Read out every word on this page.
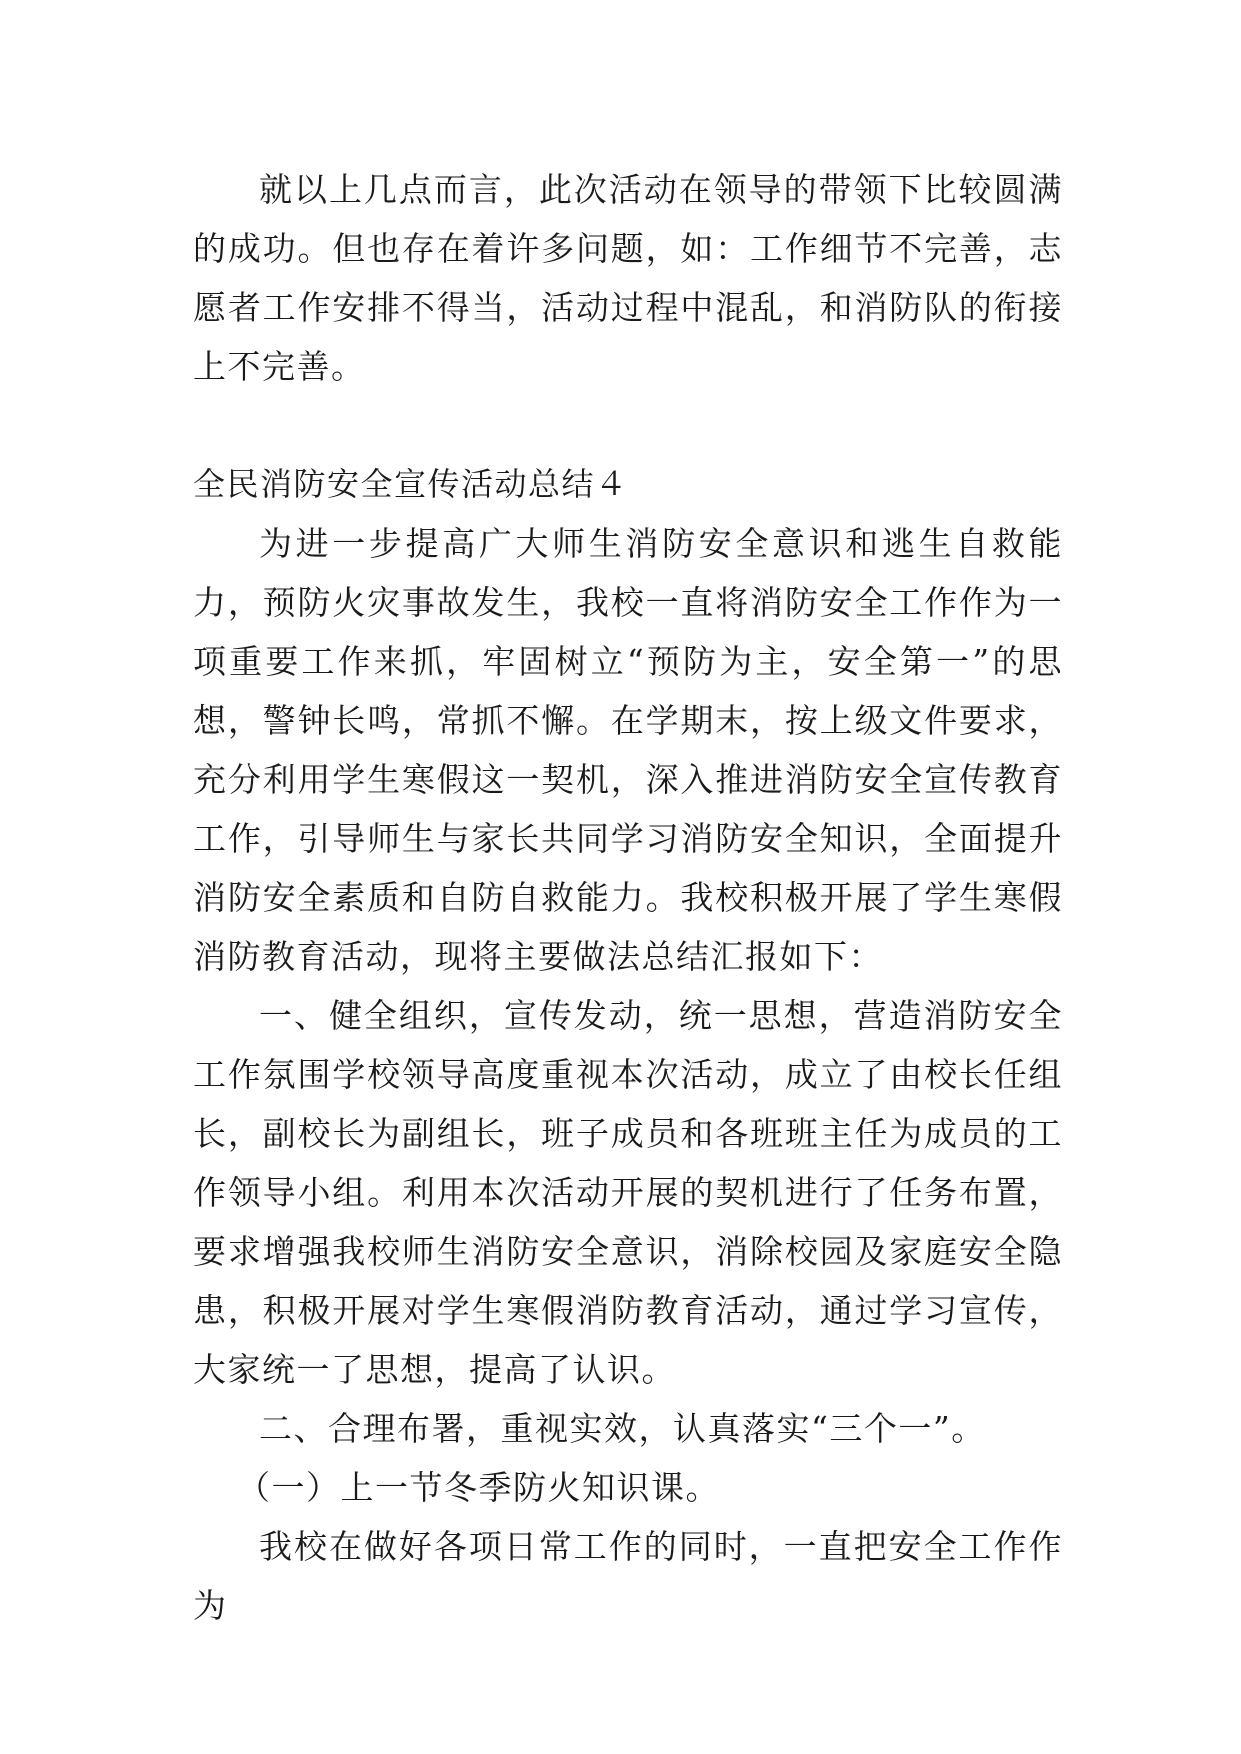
就以上几点而言，此次活动在领导的带领下比较圆满的成功。但也存在着许多问题，如：工作细节不完善，志愿者工作安排不得当，活动过程中混乱，和消防队的衔接上不完善。

全民消防安全宣传活动总结４

为进一步提高广大师生消防安全意识和逃生自救能力，预防火灾事故发生，我校一直将消防安全工作作为一项重要工作来抓，牢固树立“预防为主，安全第一”的思想，警钟长鸣，常抓不懈。在学期末，按上级文件要求，充分利用学生寒假这一契机，深入推进消防安全宣传教育工作，引导师生与家长共同学习消防安全知识，全面提升消防安全素质和自防自救能力。我校积极开展了学生寒假消防教育活动，现将主要做法总结汇报如下：

一、健全组织，宣传发动，统一思想，营造消防安全工作氛围学校领导高度重视本次活动，成立了由校长任组长，副校长为副组长，班子成员和各班班主任为成员的工作领导小组。利用本次活动开展的契机进行了任务布置，要求增强我校师生消防安全意识，消除校园及家庭安全隐患，积极开展对学生寒假消防教育活动，通过学习宣传，大家统一了思想，提高了认识。

二、合理布署，重视实效，认真落实“三个一”。

（一）上一节冬季防火知识课。

我校在做好各项日常工作的同时，一直把安全工作作为
